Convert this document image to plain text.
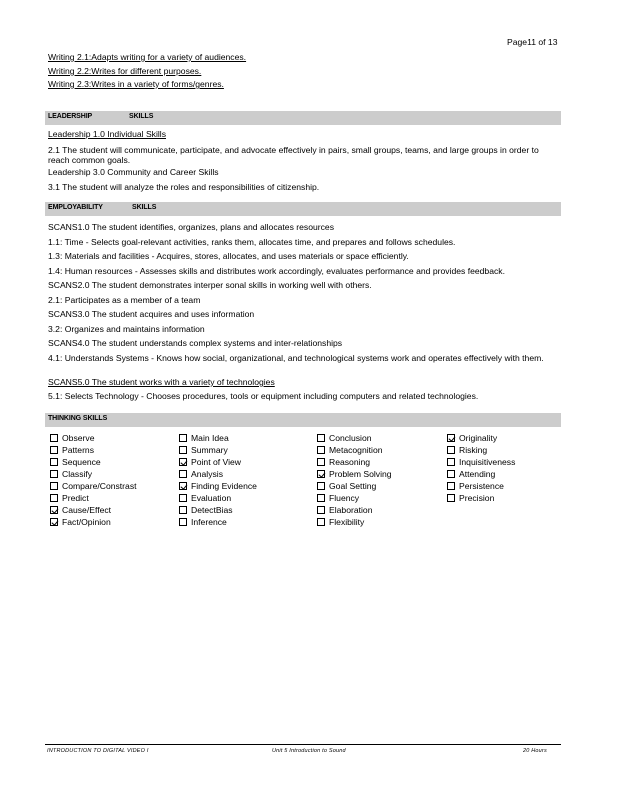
Page11 of 13
Writing 2.1:Adapts writing for a variety of audiences.
Writing 2.2:Writes for different purposes.
Writing 2.3:Writes in a variety of forms/genres.
LEADERSHIP	SKILLS
Leadership 1.0 Individual Skills
2.1 The student will communicate, participate, and advocate effectively in pairs, small groups, teams, and large groups in order to reach common goals.
Leadership 3.0 Community and Career Skills
3.1 The student will analyze the roles and responsibilities of citizenship.
EMPLOYABILITY	SKILLS
SCANS1.0 The student identifies, organizes, plans and allocates resources
1.1: Time - Selects goal-relevant activities, ranks them, allocates time, and prepares and follows schedules.
1.3: Materials and facilities - Acquires, stores, allocates, and uses materials or space efficiently.
1.4: Human resources - Assesses skills and distributes work accordingly, evaluates performance and provides feedback.
SCANS2.0 The student demonstrates interper sonal skills in working well with others.
2.1: Participates as a member of a team
SCANS3.0 The student acquires and uses information
3.2: Organizes and maintains information
SCANS4.0 The student understands complex systems and inter-relationships
4.1: Understands Systems - Knows how social, organizational, and technological systems work and operates effectively with them.
SCANS5.0 The student works with a variety of technologies
5.1: Selects Technology - Chooses procedures, tools or equipment including computers and related technologies.
THINKING SKILLS
Observe
Patterns
Sequence
Classify
Compare/Constrast
Predict
Cause/Effect
Fact/Opinion
Main Idea
Summary
Point of View
Analysis
Finding Evidence
Evaluation
DetectBias
Inference
Conclusion
Metacognition
Reasoning
Problem Solving
Goal Setting
Fluency
Elaboration
Flexibility
Originality
Risking
Inquisitiveness
Attending
Persistence
Precision
INTRODUCTION TO DIGITAL VIDEO I	Unit 5 Introduction to Sound	20 Hours
